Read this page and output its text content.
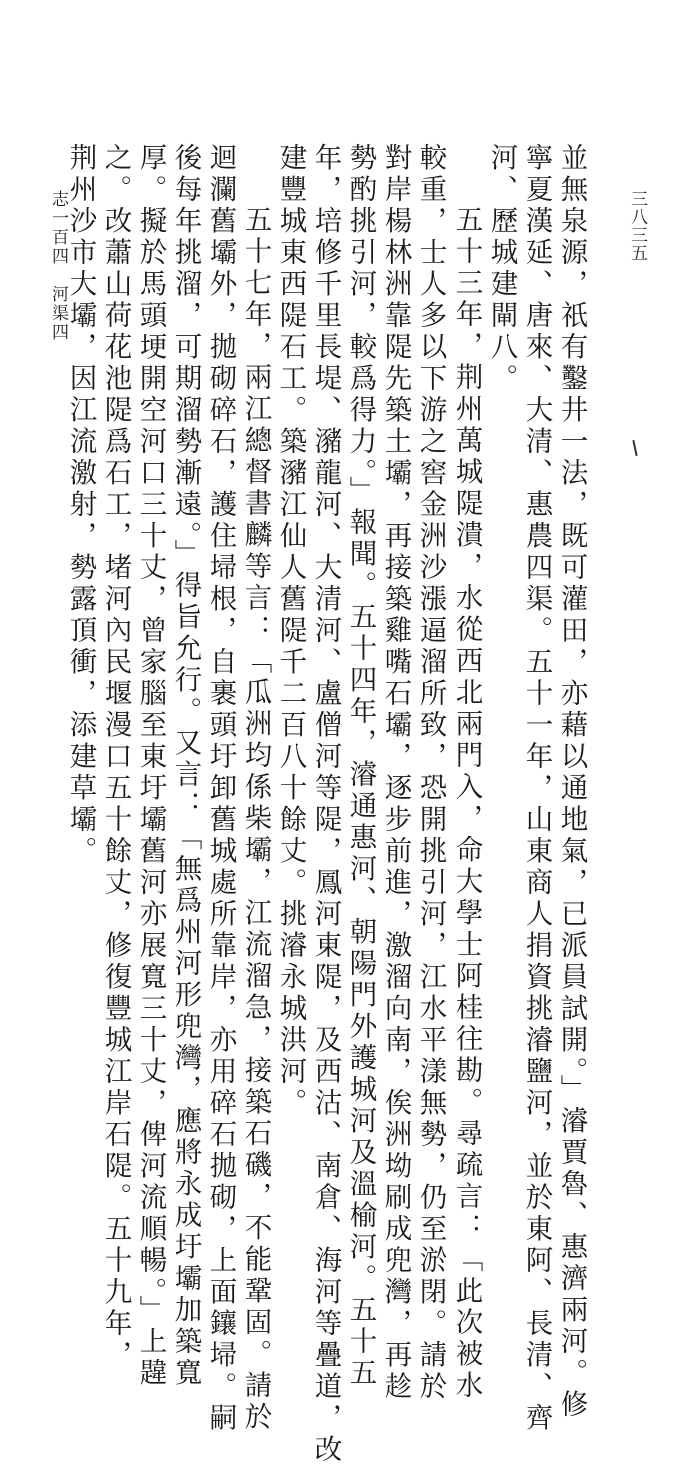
三八三五
並無泉源，祇有鑿井一法，既可灌田，亦藉以通地氣，已派員試開。」濬賈魯、惠濟兩河。修
寧夏漢延、唐來、大清、惠農四渠。五十一年，山東商人捐資挑濬鹽河，並於東阿、長清、齊
河、歷城建閘八。
五十三年，荆州萬城隄潰，水從西北兩門入，命大學士阿桂往勘。尋疏言：「此次被水
較重，士人多以下游之窖金洲沙漲逼溜所致，恐開挑引河，江水平漾無勢，仍至淤閉。請於
對岸楊林洲靠隄先築土壩，再接築雞嘴石壩，逐步前進，激溜向南，俟洲坳刷成兜灣，再趁
勢酌挑引河，較爲得力。」報聞。五十四年，濬通惠河、朝陽門外護城河及溫榆河。五十五
年，培修千里長堤、瀦龍河、大清河、盧僧河等隄，鳳河東隄，及西沽、南倉、海河等疊道，改
建豐城東西隄石工。築瀦江仙人舊隄千二百八十餘丈。挑濬永城洪河。
五十七年，兩江總督書麟等言：「瓜洲均係柴壩，江流溜急，接築石磯，不能鞏固。請於
迴瀾舊壩外，拋砌碎石，護住埽根，自裹頭圩卸舊城處所靠岸，亦用碎石拋砌，上面鑲埽。嗣
後每年挑溜，可期溜勢漸遠。」得旨允行。又言：「無爲州河形兜灣，應將永成圩壩加築寬
厚。擬於馬頭埂開空河口三十丈，曾家腦至東圩壩舊河亦展寬三十丈，俾河流順暢。」上韙
之。改蕭山荷花池隄爲石工，堵河內民堰漫口五十餘丈，修復豐城江岸石隄。五十九年，
荆州沙市大壩，因江流激射，勢露頂衝，添建草壩。
志一百四　河渠四
